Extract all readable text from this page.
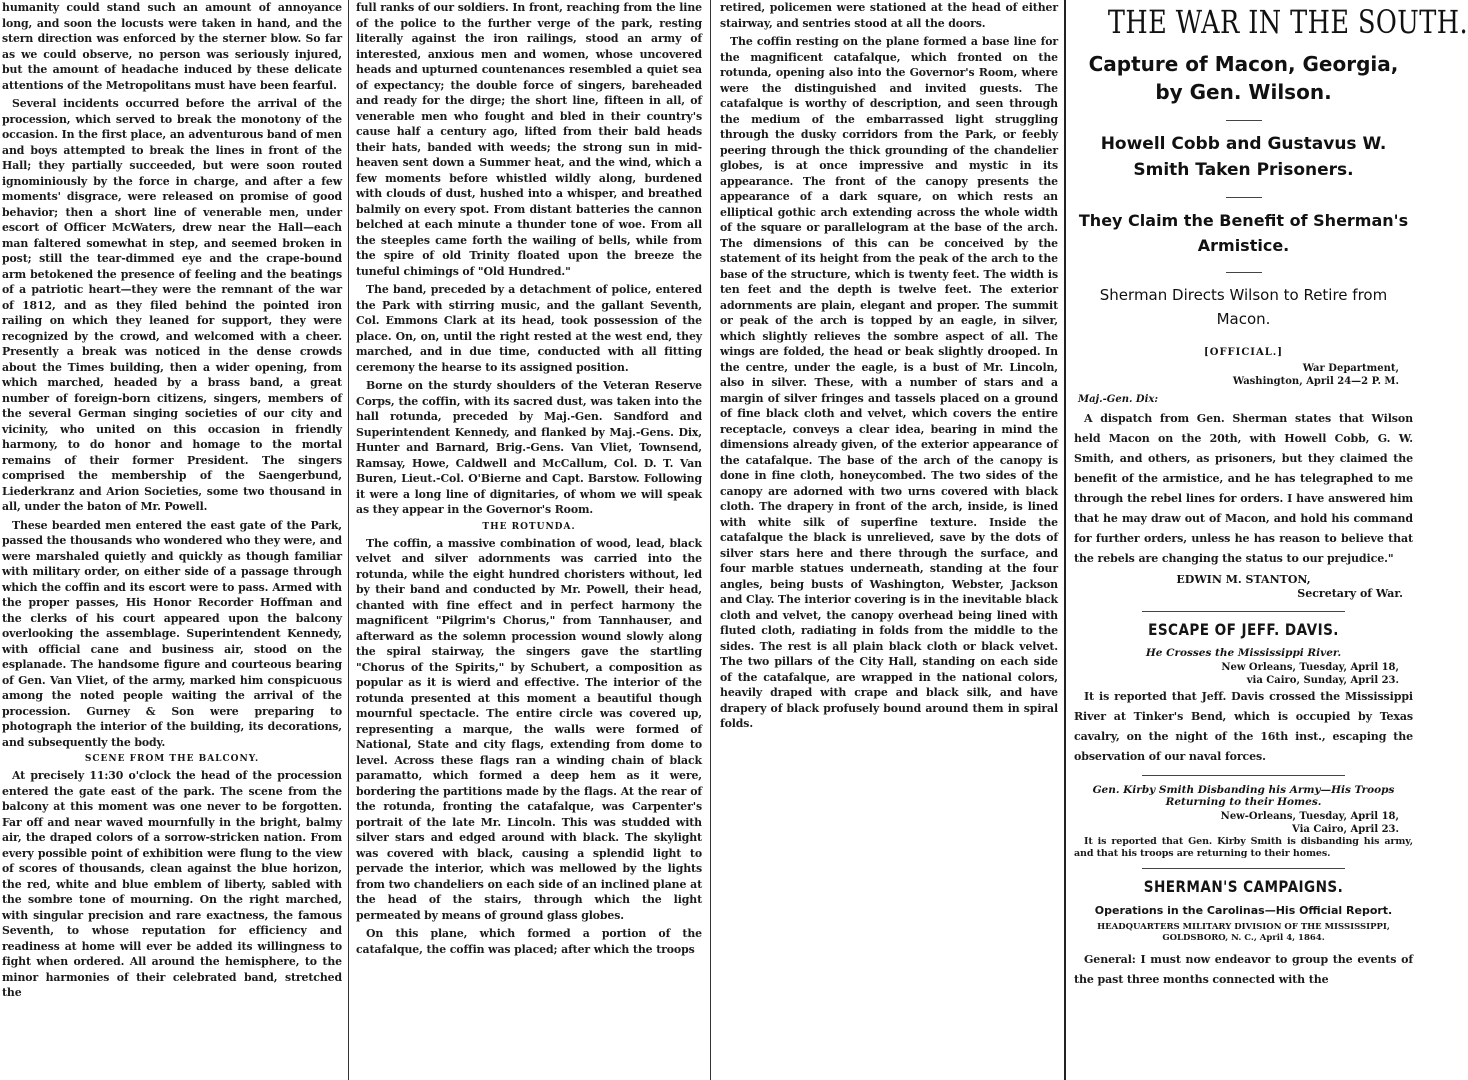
humanity could stand such an amount of annoyance long, and soon the locusts were taken in hand, and the stern direction was enforced by the sterner blow. So far as we could observe, no person was seriously injured, but the amount of headache induced by these delicate attentions of the Metropolitans must have been fearful.

Several incidents occurred before the arrival of the procession, which served to break the monotony of the occasion. In the first place, an adventurous band of men and boys attempted to break the lines in front of the Hall; they partially succeeded, but were soon routed ignominiously by the force in charge, and after a few moments' disgrace, were released on promise of good behavior; then a short line of venerable men, under escort of Officer McWaters, drew near the Hall—each man faltered somewhat in step, and seemed broken in post; still the tear-dimmed eye and the crape-bound arm betokened the presence of feeling and the beatings of a patriotic heart—they were the remnant of the war of 1812, and as they filed behind the pointed iron railing on which they leaned for support, they were recognized by the crowd, and welcomed with a cheer. Presently a break was noticed in the dense crowds about the Times building, then a wider opening, from which marched, headed by a brass band, a great number of foreign-born citizens, singers, members of the several German singing societies of our city and vicinity, who united on this occasion in friendly harmony, to do honor and homage to the mortal remains of their former President. The singers comprised the membership of the Saengerbund, Liederkranz and Arion Societies, some two thousand in all, under the baton of Mr. Powell.

These bearded men entered the east gate of the Park, passed the thousands who wondered who they were, and were marshaled quietly and quickly as though familiar with military order, on either side of a passage through which the coffin and its escort were to pass. Armed with the proper passes, His Honor Recorder Hoffman and the clerks of his court appeared upon the balcony overlooking the assemblage. Superintendent Kennedy, with official cane and business air, stood on the esplanade. The handsome figure and courteous bearing of Gen. Van Vliet, of the army, marked him conspicuous among the noted people waiting the arrival of the procession. Gurney & Son were preparing to photograph the interior of the building, its decorations, and subsequently the body.

SCENE FROM THE BALCONY.

At precisely 11:30 o'clock the head of the procession entered the gate east of the park. The scene from the balcony at this moment was one never to be forgotten. Far off and near waved mournfully in the bright, balmy air, the draped colors of a sorrow-stricken nation. From every possible point of exhibition were flung to the view of scores of thousands, clean against the blue horizon, the red, white and blue emblem of liberty, sabled with the sombre tone of mourning. On the right marched, with singular precision and rare exactness, the famous Seventh, to whose reputation for efficiency and readiness at home will ever be added its willingness to fight when ordered. All around the hemisphere, to the minor harmonies of their celebrated band, stretched the

full ranks of our soldiers. In front, reaching from the line of the police to the further verge of the park, resting literally against the iron railings, stood an army of interested, anxious men and women, whose uncovered heads and upturned countenances resembled a quiet sea of expectancy; the double force of singers, bareheaded and ready for the dirge; the short line, fifteen in all, of venerable men who fought and bled in their country's cause half a century ago, lifted from their bald heads their hats, banded with weeds; the strong sun in mid-heaven sent down a Summer heat, and the wind, which a few moments before whistled wildly along, burdened with clouds of dust, hushed into a whisper, and breathed balmily on every spot. From distant batteries the cannon belched at each minute a thunder tone of woe. From all the steeples came forth the wailing of bells, while from the spire of old Trinity floated upon the breeze the tuneful chimings of "Old Hundred."

The band, preceded by a detachment of police, entered the Park with stirring music, and the gallant Seventh, Col. Emmons Clark at its head, took possession of the place. On, on, until the right rested at the west end, they marched, and in due time, conducted with all fitting ceremony the hearse to its assigned position.

Borne on the sturdy shoulders of the Veteran Reserve Corps, the coffin, with its sacred dust, was taken into the hall rotunda, preceded by Maj.-Gen. Sandford and Superintendent Kennedy, and flanked by Maj.-Gens. Dix, Hunter and Barnard, Brig.-Gens. Van Vliet, Townsend, Ramsay, Howe, Caldwell and McCallum, Col. D. T. Van Buren, Lieut.-Col. O'Bierne and Capt. Barstow. Following it were a long line of dignitaries, of whom we will speak as they appear in the Governor's Room.

THE ROTUNDA.

The coffin, a massive combination of wood, lead, black velvet and silver adornments was carried into the rotunda, while the eight hundred choristers without, led by their band and conducted by Mr. Powell, their head, chanted with fine effect and in perfect harmony the magnificent "Pilgrim's Chorus," from Tannhauser, and afterward as the solemn procession wound slowly along the spiral stairway, the singers gave the startling "Chorus of the Spirits," by Schubert, a composition as popular as it is wierd and effective. The interior of the rotunda presented at this moment a beautiful though mournful spectacle. The entire circle was covered up, representing a marque, the walls were formed of National, State and city flags, extending from dome to level. Across these flags ran a winding chain of black paramatto, which formed a deep hem as it were, bordering the partitions made by the flags. At the rear of the rotunda, fronting the catafalque, was Carpenter's portrait of the late Mr. Lincoln. This was studded with silver stars and edged around with black. The skylight was covered with black, causing a splendid light to pervade the interior, which was mellowed by the lights from two chandeliers on each side of an inclined plane at the head of the stairs, through which the light permeated by means of ground glass globes.

On this plane, which formed a portion of the catafalque, the coffin was placed; after which the troops

retired, policemen were stationed at the head of either stairway, and sentries stood at all the doors.

The coffin resting on the plane formed a base line for the magnificent catafalque, which fronted on the rotunda, opening also into the Governor's Room, where were the distinguished and invited guests. The catafalque is worthy of description, and seen through the medium of the embarrassed light struggling through the dusky corridors from the Park, or feebly peering through the thick grounding of the chandelier globes, is at once impressive and mystic in its appearance. The front of the canopy presents the appearance of a dark square, on which rests an elliptical gothic arch extending across the whole width of the square or parallelogram at the base of the arch. The dimensions of this can be conceived by the statement of its height from the peak of the arch to the base of the structure, which is twenty feet. The width is ten feet and the depth is twelve feet. The exterior adornments are plain, elegant and proper. The summit or peak of the arch is topped by an eagle, in silver, which slightly relieves the sombre aspect of all. The wings are folded, the head or beak slightly drooped. In the centre, under the eagle, is a bust of Mr. Lincoln, also in silver. These, with a number of stars and a margin of silver fringes and tassels placed on a ground of fine black cloth and velvet, which covers the entire receptacle, conveys a clear idea, bearing in mind the dimensions already given, of the exterior appearance of the catafalque. The base of the arch of the canopy is done in fine cloth, honeycombed. The two sides of the canopy are adorned with two urns covered with black cloth. The drapery in front of the arch, inside, is lined with white silk of superfine texture. Inside the catafalque the black is unrelieved, save by the dots of silver stars here and there through the surface, and four marble statues underneath, standing at the four angles, being busts of Washington, Webster, Jackson and Clay. The interior covering is in the inevitable black cloth and velvet, the canopy overhead being lined with fluted cloth, radiating in folds from the middle to the sides. The rest is all plain black cloth or black velvet. The two pillars of the City Hall, standing on each side of the catafalque, are wrapped in the national colors, heavily draped with crape and black silk, and have drapery of black profusely bound around them in spiral folds.

THE WAR IN THE SOUTH.
Capture of Macon, Georgia, by Gen. Wilson.
Howell Cobb and Gustavus W. Smith Taken Prisoners.
They Claim the Benefit of Sherman's Armistice.
Sherman Directs Wilson to Retire from Macon.
[OFFICIAL.]
War Department,
Washington, April 24—2 P. M.
Maj.-Gen. Dix:

A dispatch from Gen. Sherman states that Wilson held Macon on the 20th, with Howell Cobb, G. W. Smith, and others, as prisoners, but they claimed the benefit of the armistice, and he has telegraphed to me through the rebel lines for orders. I have answered him that he may draw out of Macon, and hold his command for further orders, unless he has reason to believe that the rebels are changing the status to our prejudice."

EDWIN M. STANTON,
Secretary of War.
ESCAPE OF JEFF. DAVIS.
He Crosses the Mississippi River.
New Orleans, Tuesday, April 18,
via Cairo, Sunday, April 23.

It is reported that Jeff. Davis crossed the Mississippi River at Tinker's Bend, which is occupied by Texas cavalry, on the night of the 16th inst., escaping the observation of our naval forces.

Gen. Kirby Smith Disbanding his Army—His Troops Returning to their Homes.
New-Orleans, Tuesday, April 18,
Via Cairo, April 23.

It is reported that Gen. Kirby Smith is disbanding his army, and that his troops are returning to their homes.

SHERMAN'S CAMPAIGNS.
Operations in the Carolinas—His Official Report.
HEADQUARTERS MILITARY DIVISION OF THE MISSISSIPPI, GOLDSBORO, N. C., April 4, 1864.

General: I must now endeavor to group the events of the past three months connected with the
